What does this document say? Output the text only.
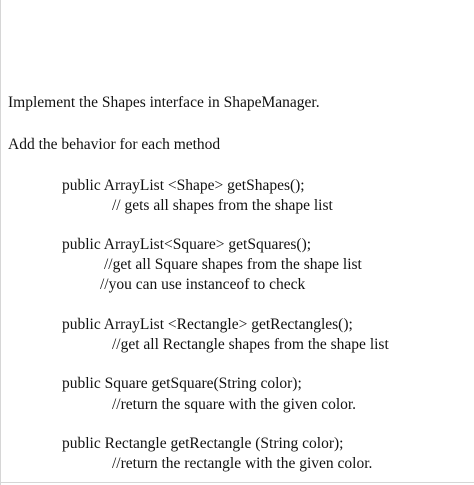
Implement the Shapes interface in ShapeManager.
Add the behavior for each method
public ArrayList <Shape> getShapes();
// gets all shapes from the shape list
public ArrayList<Square> getSquares();
//get all Square shapes from the shape list
//you can use instanceof to check
public ArrayList <Rectangle> getRectangles();
//get all Rectangle shapes from the shape list
public Square getSquare(String color);
//return the square with the given color.
public Rectangle getRectangle (String color);
//return the rectangle with the given color.
